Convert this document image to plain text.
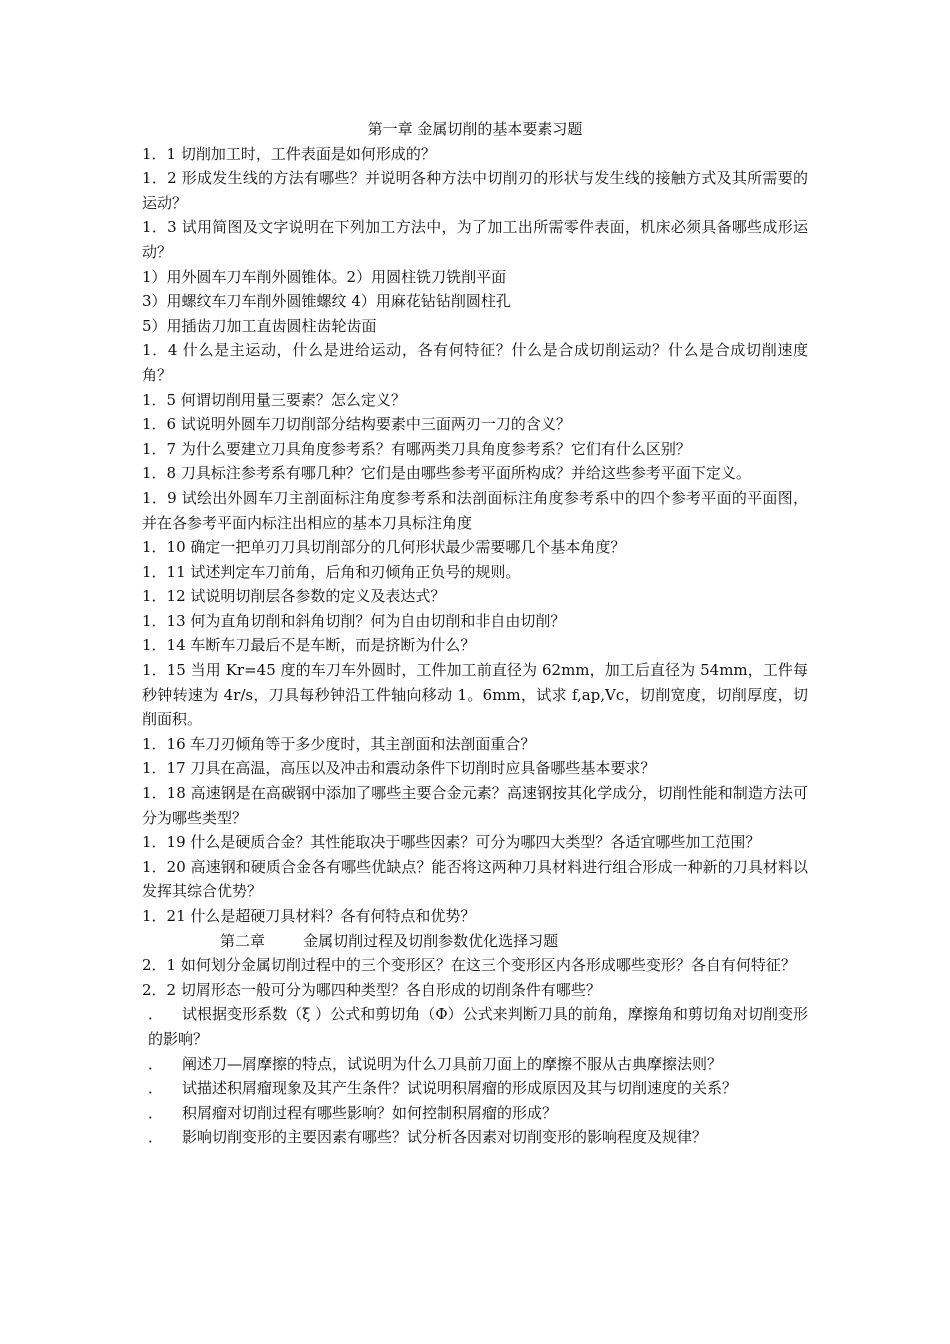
第一章 金属切削的基本要素习题

1．1 切削加工时，工件表面是如何形成的？

1．2 形成发生线的方法有哪些？并说明各种方法中切削刃的形状与发生线的接触方式及其所需要的运动？

1．3 试用简图及文字说明在下列加工方法中，为了加工出所需零件表面，机床必须具备哪些成形运动？

1）用外圆车刀车削外圆锥体。2）用圆柱铣刀铣削平面

3）用螺纹车刀车削外圆锥螺纹 4）用麻花钻钻削圆柱孔

5）用插齿刀加工直齿圆柱齿轮齿面

1．4 什么是主运动，什么是进给运动，各有何特征？什么是合成切削运动？什么是合成切削速度角？

1．5 何谓切削用量三要素？怎么定义？

1．6 试说明外圆车刀切削部分结构要素中三面两刃一刀的含义？

1．7 为什么要建立刀具角度参考系？有哪两类刀具角度参考系？它们有什么区别？

1．8 刀具标注参考系有哪几种？它们是由哪些参考平面所构成？并给这些参考平面下定义。

1．9 试绘出外圆车刀主剖面标注角度参考系和法剖面标注角度参考系中的四个参考平面的平面图，并在各参考平面内标注出相应的基本刀具标注角度

1．10 确定一把单刃刀具切削部分的几何形状最少需要哪几个基本角度？

1．11 试述判定车刀前角，后角和刃倾角正负号的规则。

1．12 试说明切削层各参数的定义及表达式？

1．13 何为直角切削和斜角切削？何为自由切削和非自由切削？

1．14 车断车刀最后不是车断，而是挤断为什么？

1．15 当用 Kr=45 度的车刀车外圆时，工件加工前直径为 62mm，加工后直径为 54mm，工件每秒钟转速为 4r/s，刀具每秒钟沿工件轴向移动 1。6mm，试求 f,ap,Vc，切削宽度，切削厚度，切削面积。

1．16 车刀刃倾角等于多少度时，其主剖面和法剖面重合？

1．17 刀具在高温，高压以及冲击和震动条件下切削时应具备哪些基本要求？

1．18 高速钢是在高碳钢中添加了哪些主要合金元素？高速钢按其化学成分，切削性能和制造方法可分为哪些类型？

1．19 什么是硬质合金？其性能取决于哪些因素？可分为哪四大类型？各适宜哪些加工范围？

1．20 高速钢和硬质合金各有哪些优缺点？能否将这两种刀具材料进行组合形成一种新的刀具材料以发挥其综合优势？

1．21 什么是超硬刀具材料？各有何特点和优势？

第二章        金属切削过程及切削参数优化选择习题

2．1 如何划分金属切削过程中的三个变形区？在这三个变形区内各形成哪些变形？各自有何特征？

2．2 切屑形态一般可分为哪四种类型？各自形成的切削条件有哪些？

． 试根据变形系数（ξ ）公式和剪切角（Φ）公式来判断刀具的前角，摩擦角和剪切角对切削变形的影响？

． 阐述刀—屑摩擦的特点，试说明为什么刀具前刀面上的摩擦不服从古典摩擦法则？

． 试描述积屑瘤现象及其产生条件？试说明积屑瘤的形成原因及其与切削速度的关系？

． 积屑瘤对切削过程有哪些影响？如何控制积屑瘤的形成？

． 影响切削变形的主要因素有哪些？试分析各因素对切削变形的影响程度及规律？
